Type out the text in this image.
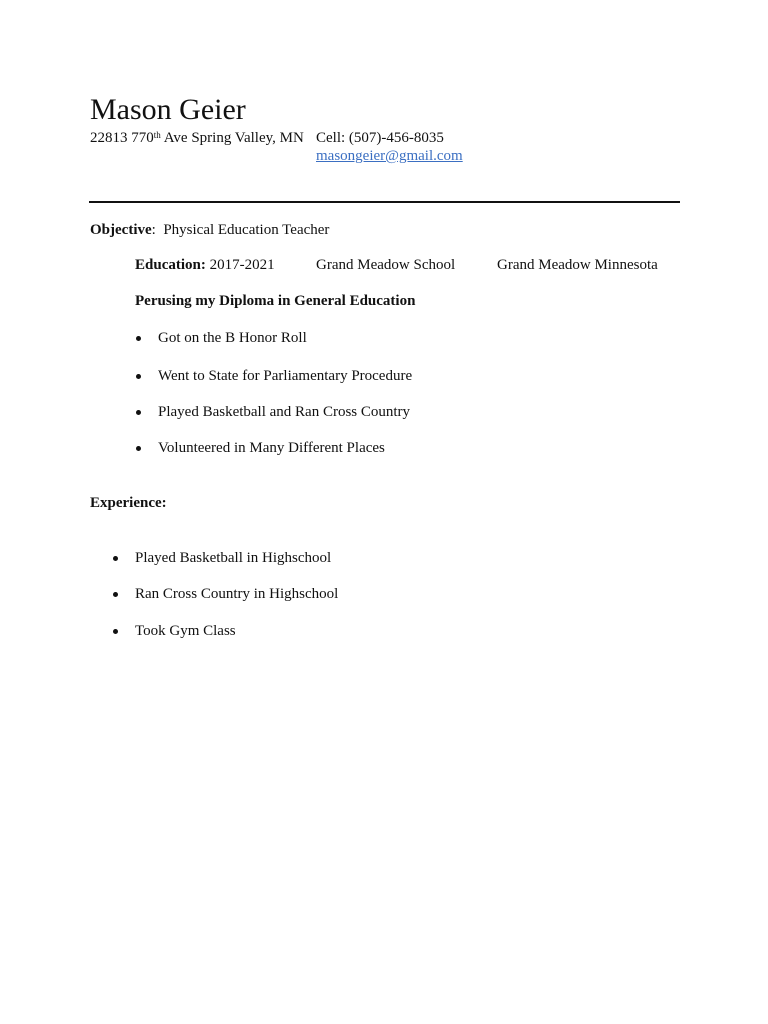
Mason Geier
22813 770th Ave Spring Valley, MN Cell: (507)-456-8035
masongeier@gmail.com
Objective: Physical Education Teacher
Education: 2017-2021	Grand Meadow School	Grand Meadow Minnesota
Perusing my Diploma in General Education
Got on the B Honor Roll
Went to State for Parliamentary Procedure
Played Basketball and Ran Cross Country
Volunteered in Many Different Places
Experience:
Played Basketball in Highschool
Ran Cross Country in Highschool
Took Gym Class
